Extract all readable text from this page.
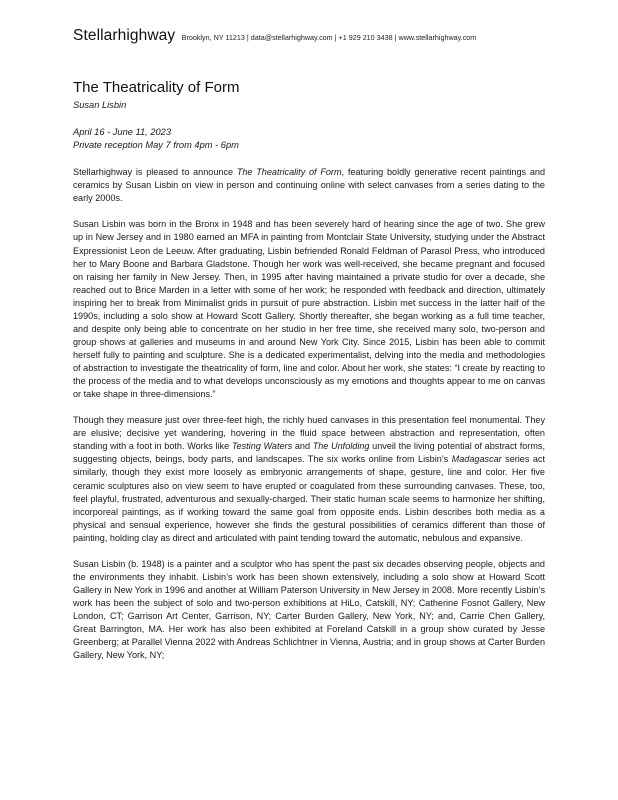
Stellarhighway Brooklyn, NY 11213 | data@stellarhighway.com | +1 929 210 3438 | www.stellarhighway.com
The Theatricality of Form
Susan Lisbin
April 16 - June 11, 2023
Private reception May 7 from 4pm - 6pm

Stellarhighway is pleased to announce The Theatricality of Form, featuring boldly generative recent paintings and ceramics by Susan Lisbin on view in person and continuing online with select canvases from a series dating to the early 2000s.

Susan Lisbin was born in the Bronx in 1948 and has been severely hard of hearing since the age of two. She grew up in New Jersey and in 1980 earned an MFA in painting from Montclair State University, studying under the Abstract Expressionist Leon de Leeuw. After graduating, Lisbin befriended Ronald Feldman of Parasol Press, who introduced her to Mary Boone and Barbara Gladstone. Though her work was well-received, she became pregnant and focused on raising her family in New Jersey. Then, in 1995 after having maintained a private studio for over a decade, she reached out to Brice Marden in a letter with some of her work; he responded with feedback and direction, ultimately inspiring her to break from Minimalist grids in pursuit of pure abstraction. Lisbin met success in the latter half of the 1990s, including a solo show at Howard Scott Gallery. Shortly thereafter, she began working as a full time teacher, and despite only being able to concentrate on her studio in her free time, she received many solo, two-person and group shows at galleries and museums in and around New York City. Since 2015, Lisbin has been able to commit herself fully to painting and sculpture. She is a dedicated experimentalist, delving into the media and methodologies of abstraction to investigate the theatricality of form, line and color. About her work, she states: “I create by reacting to the process of the media and to what develops unconsciously as my emotions and thoughts appear to me on canvas or take shape in three-dimensions.”

Though they measure just over three-feet high, the richly hued canvases in this presentation feel monumental. They are elusive; decisive yet wandering, hovering in the fluid space between abstraction and representation, often standing with a foot in both. Works like Testing Waters and The Unfolding unveil the living potential of abstract forms, suggesting objects, beings, body parts, and landscapes. The six works online from Lisbin’s Madagascar series act similarly, though they exist more loosely as embryonic arrangements of shape, gesture, line and color. Her five ceramic sculptures also on view seem to have erupted or coagulated from these surrounding canvases. These, too, feel playful, frustrated, adventurous and sexually-charged. Their static human scale seems to harmonize her shifting, incorporeal paintings, as if working toward the same goal from opposite ends. Lisbin describes both media as a physical and sensual experience, however she finds the gestural possibilities of ceramics different than those of painting, holding clay as direct and articulated with paint tending toward the automatic, nebulous and expansive.

Susan Lisbin (b. 1948) is a painter and a sculptor who has spent the past six decades observing people, objects and the environments they inhabit. Lisbin’s work has been shown extensively, including a solo show at Howard Scott Gallery in New York in 1996 and another at William Paterson University in New Jersey in 2008. More recently Lisbin’s work has been the subject of solo and two-person exhibitions at HiLo, Catskill, NY; Catherine Fosnot Gallery, New London, CT; Garrison Art Center, Garrison, NY; Carter Burden Gallery, New York, NY; and, Carrie Chen Gallery, Great Barrington, MA. Her work has also been exhibited at Foreland Catskill in a group show curated by Jesse Greenberg; at Parallel Vienna 2022 with Andreas Schlichtner in Vienna, Austria; and in group shows at Carter Burden Gallery, New York, NY;
